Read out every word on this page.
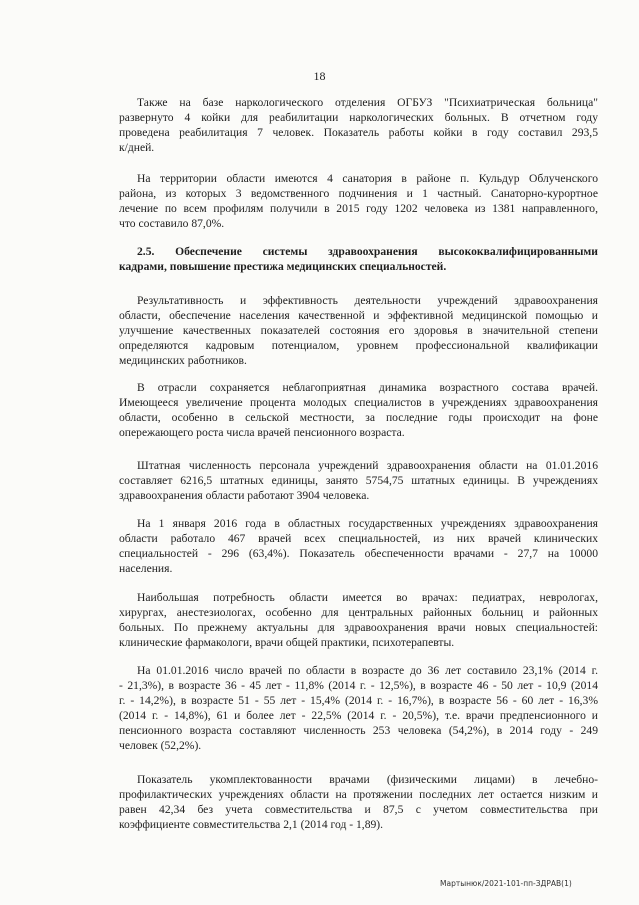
18
Также на базе наркологического отделения ОГБУЗ "Психиатрическая больница"
развернуто 4 койки для реабилитации наркологических больных. В отчетном году
проведена реабилитация 7 человек. Показатель работы койки в году составил 293,5
к/дней.
На территории области имеются 4 санатория в районе п. Кульдур Облученского
района, из которых 3 ведомственного подчинения и 1 частный. Санаторно-курортное
лечение по всем профилям получили в 2015 году 1202 человека из 1381 направленного,
что составило 87,0%.
2.5. Обеспечение системы здравоохранения высококвалифицированными
кадрами, повышение престижа медицинских специальностей.
Результативность и эффективность деятельности учреждений здравоохранения
области, обеспечение населения качественной и эффективной медицинской помощью и
улучшение качественных показателей состояния его здоровья в значительной степени
определяются кадровым потенциалом, уровнем профессиональной квалификации
медицинских работников.
В отрасли сохраняется неблагоприятная динамика возрастного состава врачей.
Имеющееся увеличение процента молодых специалистов в учреждениях здравоохранения
области, особенно в сельской местности, за последние годы происходит на фоне
опережающего роста числа врачей пенсионного возраста.
Штатная численность персонала учреждений здравоохранения области на 01.01.2016
составляет 6216,5 штатных единицы, занято 5754,75 штатных единицы. В учреждениях
здравоохранения области работают 3904 человека.
На 1 января 2016 года в областных государственных учреждениях здравоохранения
области работало 467 врачей всех специальностей, из них врачей клинических
специальностей - 296 (63,4%). Показатель обеспеченности врачами - 27,7 на 10000
населения.
Наибольшая потребность области имеется во врачах: педиатрах, неврологах,
хирургах, анестезиологах, особенно для центральных районных больниц и районных
больных. По прежнему актуальны для здравоохранения врачи новых специальностей:
клинические фармакологи, врачи общей практики, психотерапевты.
На 01.01.2016 число врачей по области в возрасте до 36 лет составило 23,1% (2014 г.
- 21,3%), в возрасте 36 - 45 лет - 11,8% (2014 г. - 12,5%), в возрасте 46 - 50 лет - 10,9 (2014
г. - 14,2%), в возрасте 51 - 55 лет - 15,4% (2014 г. - 16,7%), в возрасте 56 - 60 лет - 16,3%
(2014 г. - 14,8%), 61 и более лет - 22,5% (2014 г. - 20,5%), т.е. врачи предпенсионного и
пенсионного возраста составляют численность 253 человека (54,2%), в 2014 году - 249
человек (52,2%).
Показатель укомплектованности врачами (физическими лицами) в лечебно-
профилактических учреждениях области на протяжении последних лет остается низким и
равен 42,34 без учета совместительства и 87,5 с учетом совместительства при
коэффициенте совместительства 2,1 (2014 год - 1,89).
Мартынюк/2021-101-пп-ЗДРАВ(1)
